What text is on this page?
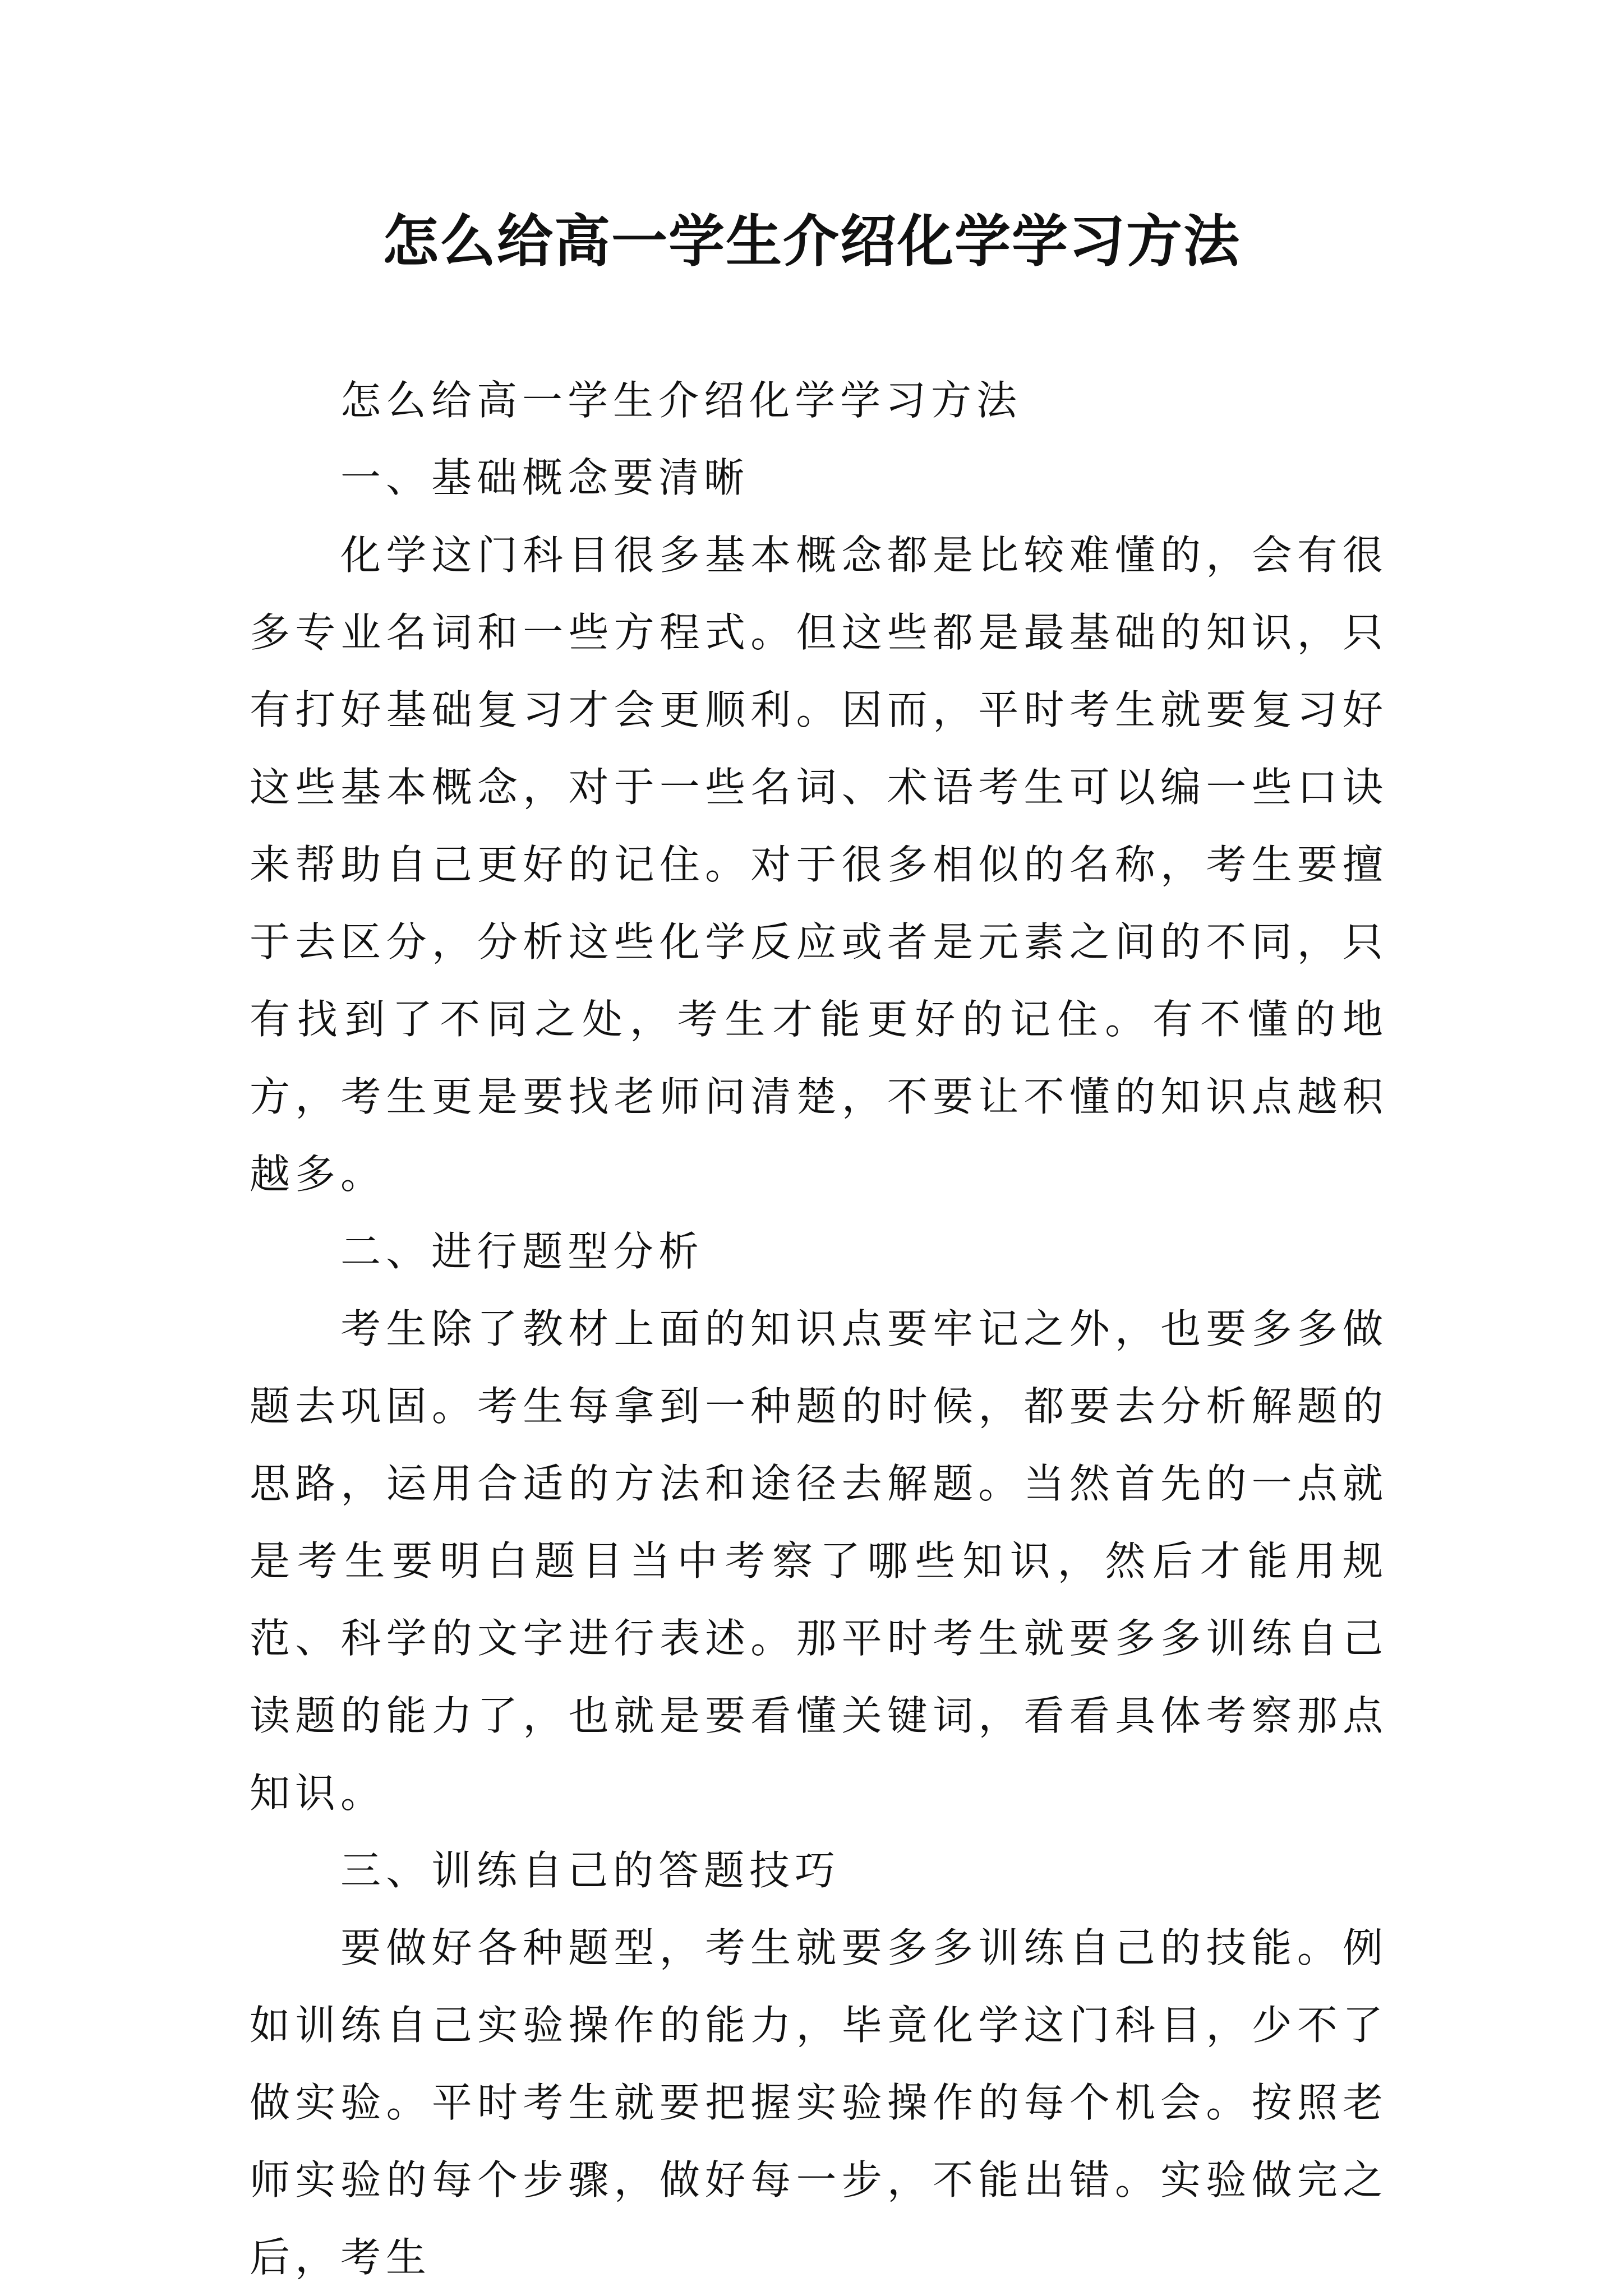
怎么给高一学生介绍化学学习方法

怎么给高一学生介绍化学学习方法

一、基础概念要清晰

化学这门科目很多基本概念都是比较难懂的，会有很多专业名词和一些方程式。但这些都是最基础的知识，只有打好基础复习才会更顺利。因而，平时考生就要复习好这些基本概念，对于一些名词、术语考生可以编一些口诀来帮助自己更好的记住。对于很多相似的名称，考生要擅于去区分，分析这些化学反应或者是元素之间的不同，只有找到了不同之处，考生才能更好的记住。有不懂的地方，考生更是要找老师问清楚，不要让不懂的知识点越积越多。

二、进行题型分析

考生除了教材上面的知识点要牢记之外，也要多多做题去巩固。考生每拿到一种题的时候，都要去分析解题的思路，运用合适的方法和途径去解题。当然首先的一点就是考生要明白题目当中考察了哪些知识，然后才能用规范、科学的文字进行表述。那平时考生就要多多训练自己读题的能力了，也就是要看懂关键词，看看具体考察那点知识。

三、训练自己的答题技巧

要做好各种题型，考生就要多多训练自己的技能。例如训练自己实验操作的能力，毕竟化学这门科目，少不了做实验。平时考生就要把握实验操作的每个机会。按照老师实验的每个步骤，做好每一步，不能出错。实验做完之后，考生
